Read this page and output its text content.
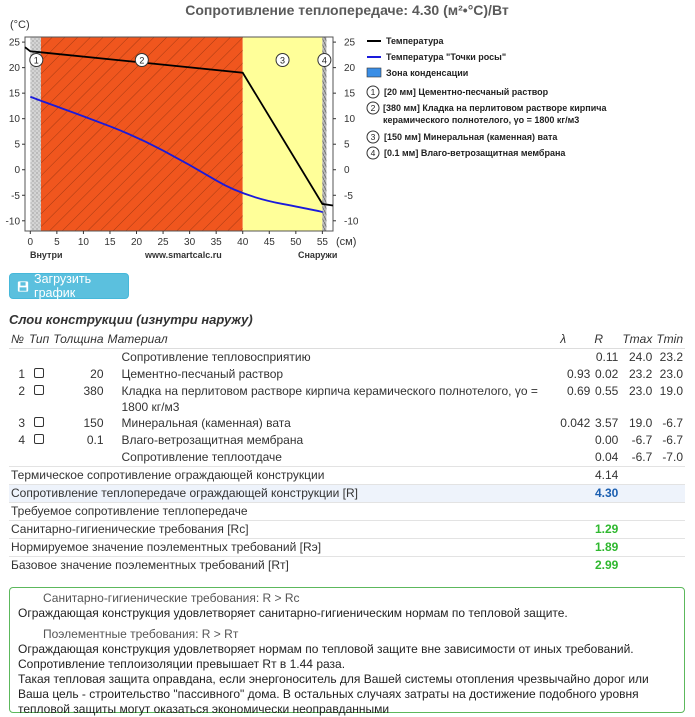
Сопротивление теплопередаче: 4.30 (м²•°С)/Вт
(°C)
25	25
20	20
15	15
10	10
5	5
0	0
-5	-5
-10	-10
0 5 10 15 20 25 30 35 40 45 50 55
1	2	3	4
(см)
Внутри	www.smartcalc.ru	Снаружи
Температура
Температура "Точки росы"
Зона конденсации
1 [20 мм] Цементно-песчаный раствор
2 [380 мм] Кладка на перлитовом растворе кирпича керамического полнотелого, γo = 1800 кг/м3
3 [150 мм] Минеральная (каменная) вата
4 [0.1 мм] Влаго-ветрозащитная мембрана
Загрузить график
Слои конструкции (изнутри наружу)
№	Тип	Толщина	Материал	λ	R	Tmax	Tmin
			Сопротивление тепловосприятию		0.11	24.0	23.2
1		20	Цементно-песчаный раствор	0.93	0.02	23.2	23.0
2		380	Кладка на перлитовом растворе кирпича керамического полнотелого, γo = 1800 кг/м3	0.69	0.55	23.0	19.0
3		150	Минеральная (каменная) вата	0.042	3.57	19.0	-6.7
4		0.1	Влаго-ветрозащитная мембрана		0.00	-6.7	-6.7
			Сопротивление теплоотдаче		0.04	-6.7	-7.0
Термическое сопротивление ограждающей конструкции					4.14		
Сопротивление теплопередаче ограждающей конструкции [R]					4.30		
Требуемое сопротивление теплопередаче							
Санитарно-гигиенические требования [Rc]					1.29		
Нормируемое значение поэлементных требований [Rэ]					1.89		
Базовое значение поэлементных требований [Rт]					2.99		

Санитарно-гигиенические требования: R > Rc

Ограждающая конструкция удовлетворяет санитарно-гигиеническим нормам по тепловой защите.

Поэлементные требования: R > Rт

Ограждающая конструкция удовлетворяет нормам по тепловой защите вне зависимости от иных требований.

Сопротивление теплоизоляции превышает Rт в 1.44 раза.

Такая тепловая защита оправдана, если энергоноситель для Вашей системы отопления чрезвычайно дорог или Ваша цель - строительство "пассивного" дома. В остальных случаях затраты на достижение подобного уровня тепловой защиты могут оказаться экономически неоправданными
